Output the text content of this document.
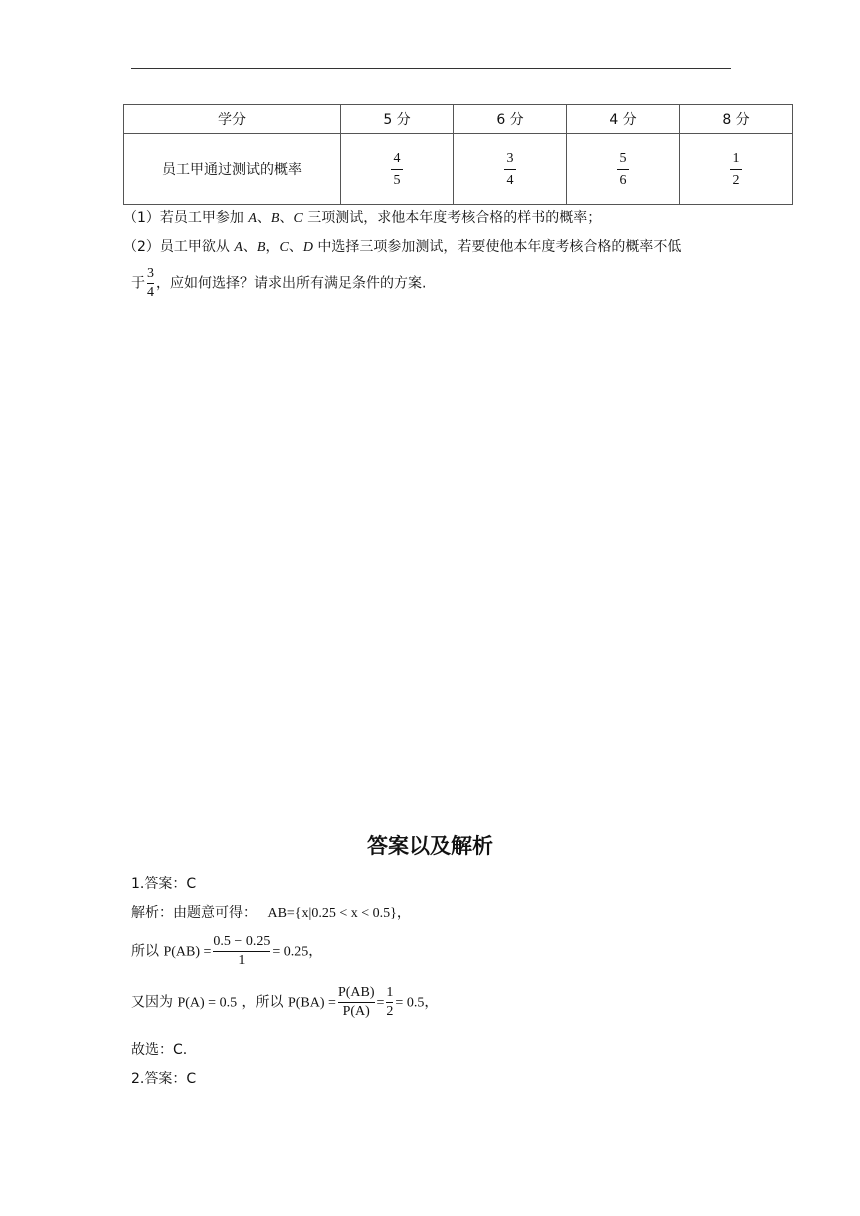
学分	5 分	6 分	4 分	8 分
员工甲通过测试的概率	$\frac{4}{5}$	$\frac{3}{4}$	$\frac{5}{6}$	$\frac{1}{2}$
（1）若员工甲参加 A、B、C 三项测试，求他本年度考核合格的样书的概率；
（2）员工甲欲从 A、B，C、D 中选择三项参加测试，若要使他本年度考核合格的概率不低
于 $\frac{3}{4}$ ，应如何选择？请求出所有满足条件的方案.
答案以及解析
1.答案：C
解析：由题意可得： AB={x|0.25 < x < 0.5}，
所以 $P(AB) = \frac{0.5 - 0.25}{1} = 0.25$，
又因为 P(A) = 0.5 ，所以 $P(BA) = \frac{P(AB)}{P(A)} = \frac{1}{2} = 0.5$，
故选：C.
2.答案：C
